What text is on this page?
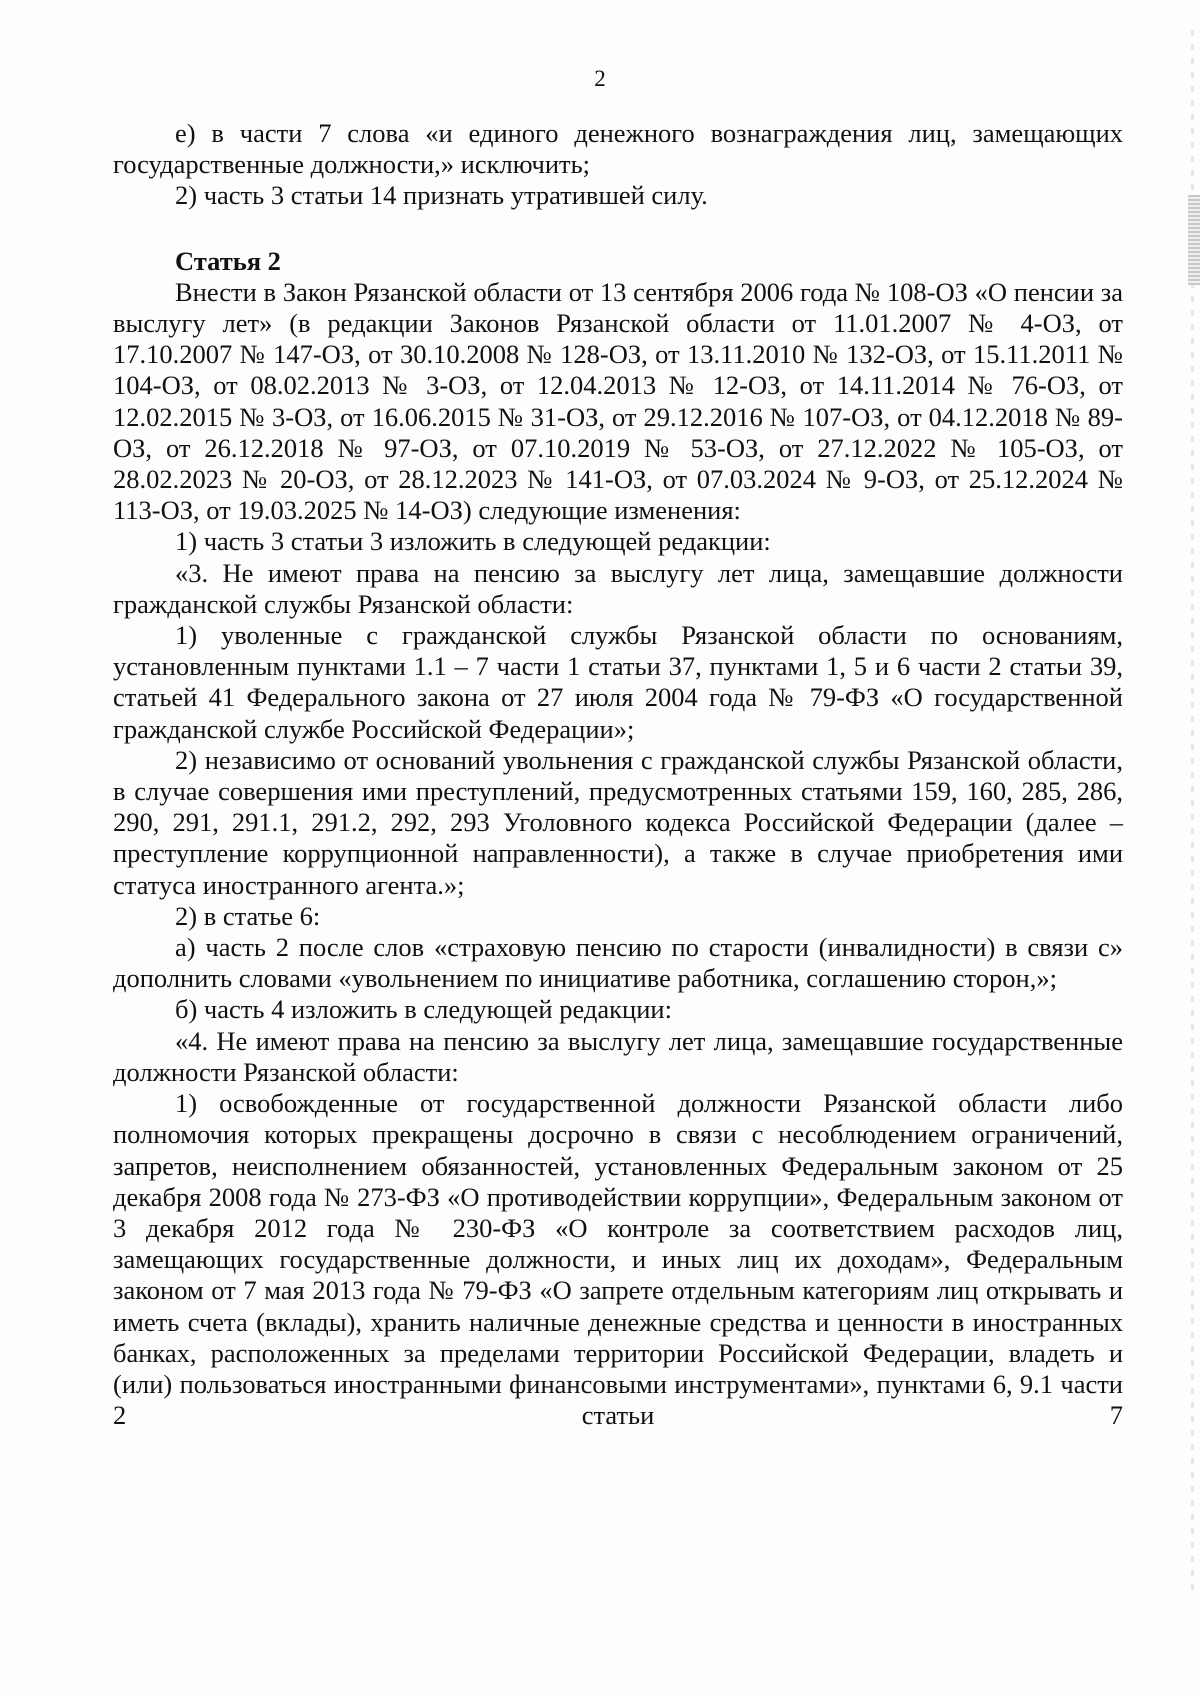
2

е) в части 7 слова «и единого денежного вознаграждения лиц, замещающих государственные должности,» исключить;

2) часть 3 статьи 14 признать утратившей силу.

Статья 2

Внести в Закон Рязанской области от 13 сентября 2006 года № 108-ОЗ «О пенсии за выслугу лет» (в редакции Законов Рязанской области от 11.01.2007 № 4-ОЗ, от 17.10.2007 № 147-ОЗ, от 30.10.2008 № 128-ОЗ, от 13.11.2010 № 132-ОЗ, от 15.11.2011 № 104-ОЗ, от 08.02.2013 № 3-ОЗ, от 12.04.2013 № 12-ОЗ, от 14.11.2014 № 76-ОЗ, от 12.02.2015 № 3-ОЗ, от 16.06.2015 № 31-ОЗ, от 29.12.2016 № 107-ОЗ, от 04.12.2018 № 89-ОЗ, от 26.12.2018 № 97-ОЗ, от 07.10.2019 № 53-ОЗ, от 27.12.2022 № 105-ОЗ, от 28.02.2023 № 20-ОЗ, от 28.12.2023 № 141-ОЗ, от 07.03.2024 № 9-ОЗ, от 25.12.2024 № 113-ОЗ, от 19.03.2025 № 14-ОЗ) следующие изменения:

1) часть 3 статьи 3 изложить в следующей редакции:

«3. Не имеют права на пенсию за выслугу лет лица, замещавшие должности гражданской службы Рязанской области:

1) уволенные с гражданской службы Рязанской области по основаниям, установленным пунктами 1.1 – 7 части 1 статьи 37, пунктами 1, 5 и 6 части 2 статьи 39, статьей 41 Федерального закона от 27 июля 2004 года № 79-ФЗ «О государственной гражданской службе Российской Федерации»;

2) независимо от оснований увольнения с гражданской службы Рязанской области, в случае совершения ими преступлений, предусмотренных статьями 159, 160, 285, 286, 290, 291, 291.1, 291.2, 292, 293 Уголовного кодекса Российской Федерации (далее – преступление коррупционной направленности), а также в случае приобретения ими статуса иностранного агента.»;

2) в статье 6:

а) часть 2 после слов «страховую пенсию по старости (инвалидности) в связи с» дополнить словами «увольнением по инициативе работника, соглашению сторон,»;

б) часть 4 изложить в следующей редакции:

«4. Не имеют права на пенсию за выслугу лет лица, замещавшие государственные должности Рязанской области:

1) освобожденные от государственной должности Рязанской области либо полномочия которых прекращены досрочно в связи с несоблюдением ограничений, запретов, неисполнением обязанностей, установленных Федеральным законом от 25 декабря 2008 года № 273-ФЗ «О противодействии коррупции», Федеральным законом от 3 декабря 2012 года № 230-ФЗ «О контроле за соответствием расходов лиц, замещающих государственные должности, и иных лиц их доходам», Федеральным законом от 7 мая 2013 года № 79-ФЗ «О запрете отдельным категориям лиц открывать и иметь счета (вклады), хранить наличные денежные средства и ценности в иностранных банках, расположенных за пределами территории Российской Федерации, владеть и (или) пользоваться иностранными финансовыми инструментами», пунктами 6, 9.1 части 2 статьи 7
